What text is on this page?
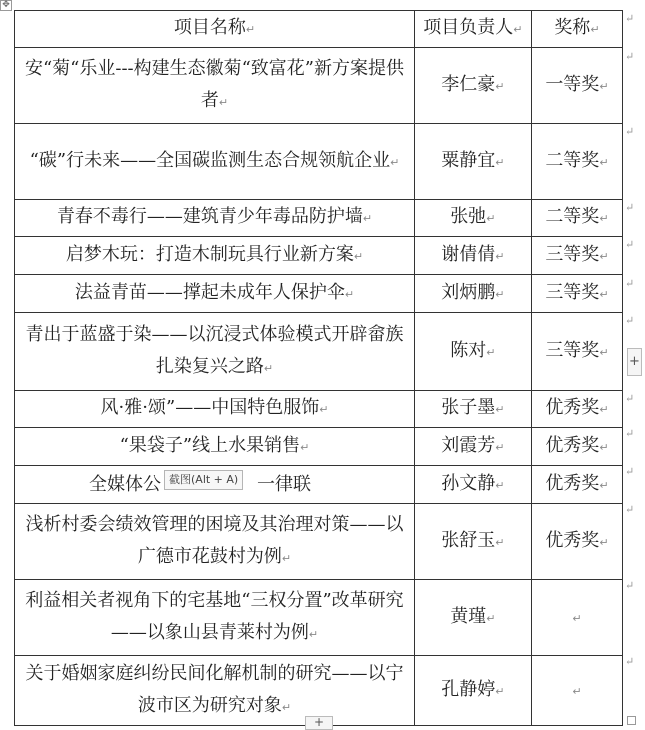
✥
项目名称↵	项目负责人↵	奖称↵
安“菊“乐业---构建生态徽菊“致富花”新方案提供者↵	李仁豪↵	一等奖↵
“碳”行未来——全国碳监测生态合规领航企业↵	粟静宜↵	二等奖↵
青春不毒行——建筑青少年毒品防护墙↵	张弛↵	二等奖↵
启梦木玩：打造木制玩具行业新方案↵	谢倩倩↵	三等奖↵
法益青苗——撑起未成年人保护伞↵	刘炳鹏↵	三等奖↵
青出于蓝盛于染——以沉浸式体验模式开辟畲族扎染复兴之路↵	陈对↵	三等奖↵
风·雅·颂”——中国特色服饰↵	张子墨↵	优秀奖↵
“果袋子”线上水果销售↵	刘霞芳↵	优秀奖↵
全媒体公 一律联	孙文静↵	优秀奖↵
浅析村委会绩效管理的困境及其治理对策——以广德市花鼓村为例↵	张舒玉↵	优秀奖↵
利益相关者视角下的宅基地“三权分置”改革研究——以象山县青莱村为例↵	黄瑾↵	↵
关于婚姻家庭纠纷民间化解机制的研究——以宁波市区为研究对象↵	孔静婷↵	↵
↵
↵
↵
↵
↵
↵
↵
↵
↵
↵
↵
↵
↵
+
+
截图(Alt + A)
